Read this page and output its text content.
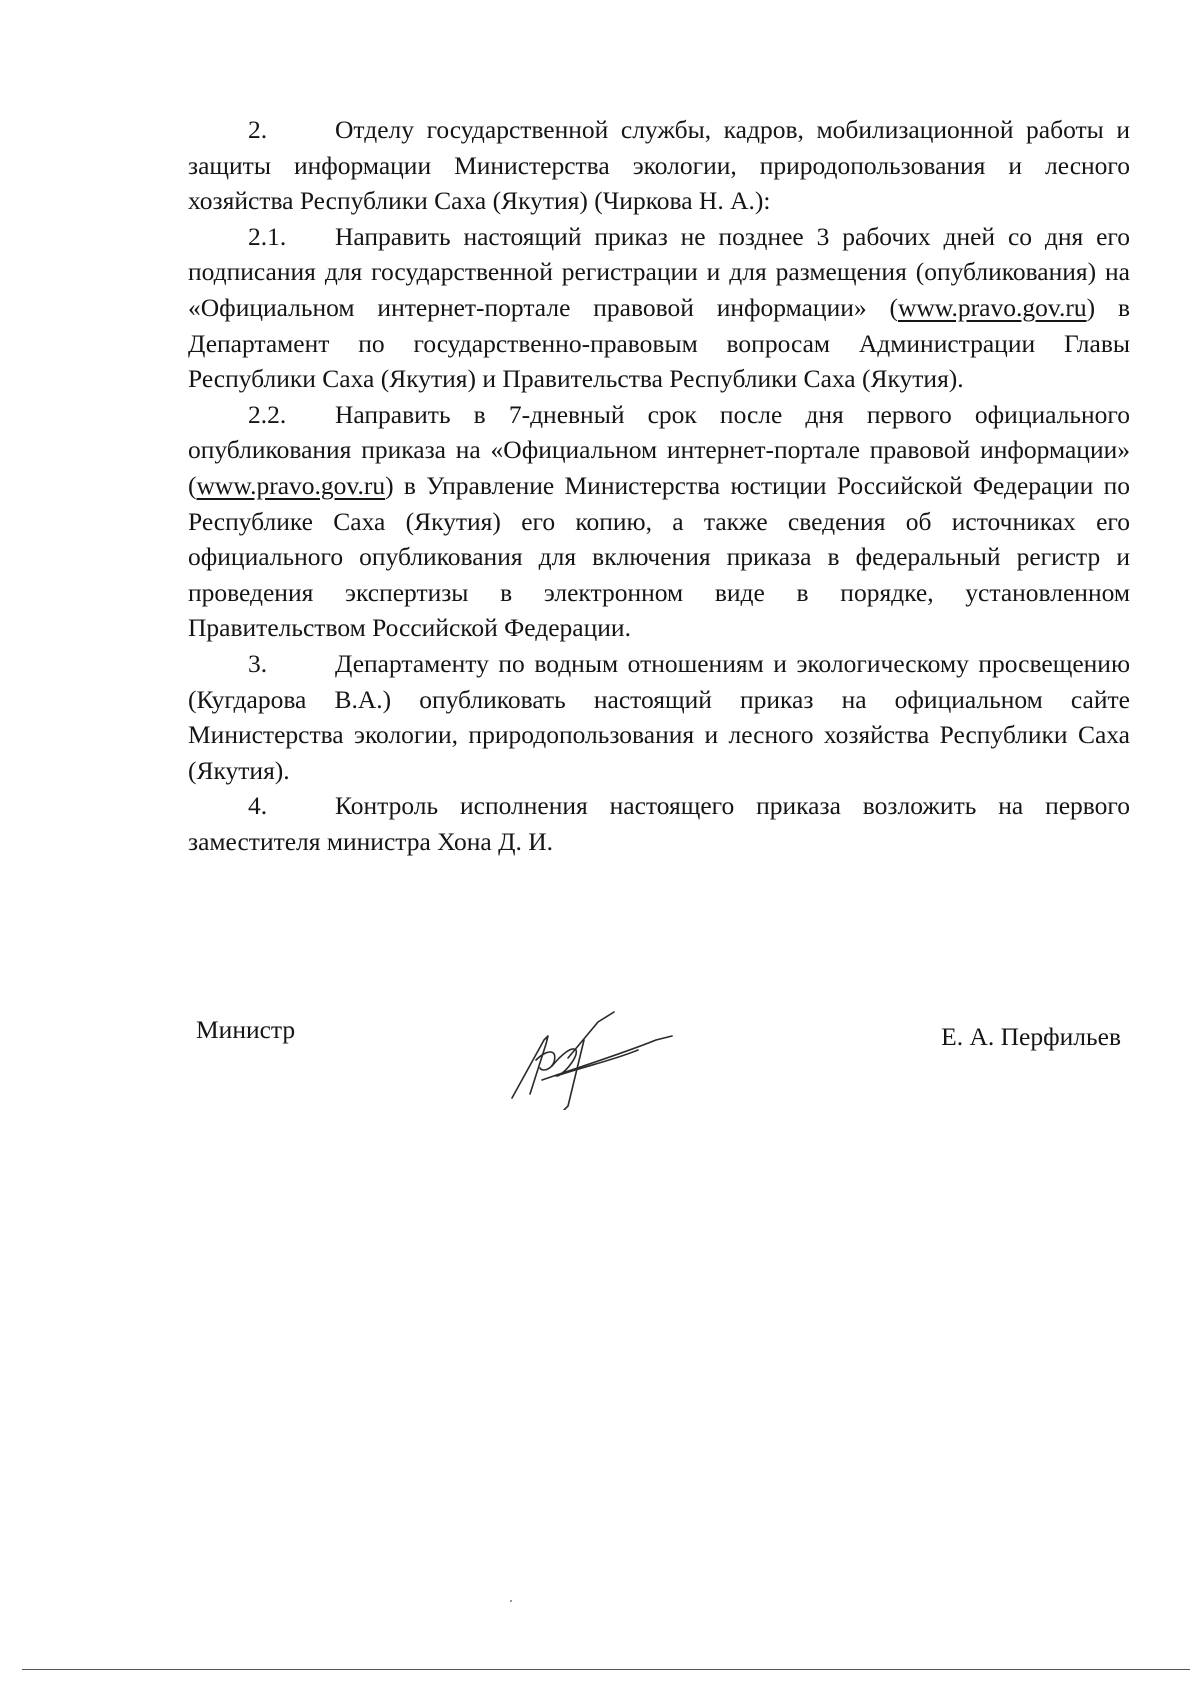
2.	Отделу государственной службы, кадров, мобилизационной работы и защиты информации Министерства экологии, природопользования и лесного хозяйства Республики Саха (Якутия) (Чиркова Н. А.):

2.1. Направить настоящий приказ не позднее 3 рабочих дней со дня его подписания для государственной регистрации и для размещения (опубликования) на «Официальном интернет-портале правовой информации» (www.pravo.gov.ru) в Департамент по государственно-правовым вопросам Администрации Главы Республики Саха (Якутия) и Правительства Республики Саха (Якутия).

2.2. Направить в 7-дневный срок после дня первого официального опубликования приказа на «Официальном интернет-портале правовой информации» (www.pravo.gov.ru) в Управление Министерства юстиции Российской Федерации по Республике Саха (Якутия) его копию, а также сведения об источниках его официального опубликования для включения приказа в федеральный регистр и проведения экспертизы в электронном виде в порядке, установленном Правительством Российской Федерации.

3.	Департаменту по водным отношениям и экологическому просвещению (Кугдарова В.А.) опубликовать настоящий приказ на официальном сайте Министерства экологии, природопользования и лесного хозяйства Республики Саха (Якутия).

4.	Контроль исполнения настоящего приказа возложить на первого заместителя министра Хона Д. И.

Министр	Е. А. Перфильев
